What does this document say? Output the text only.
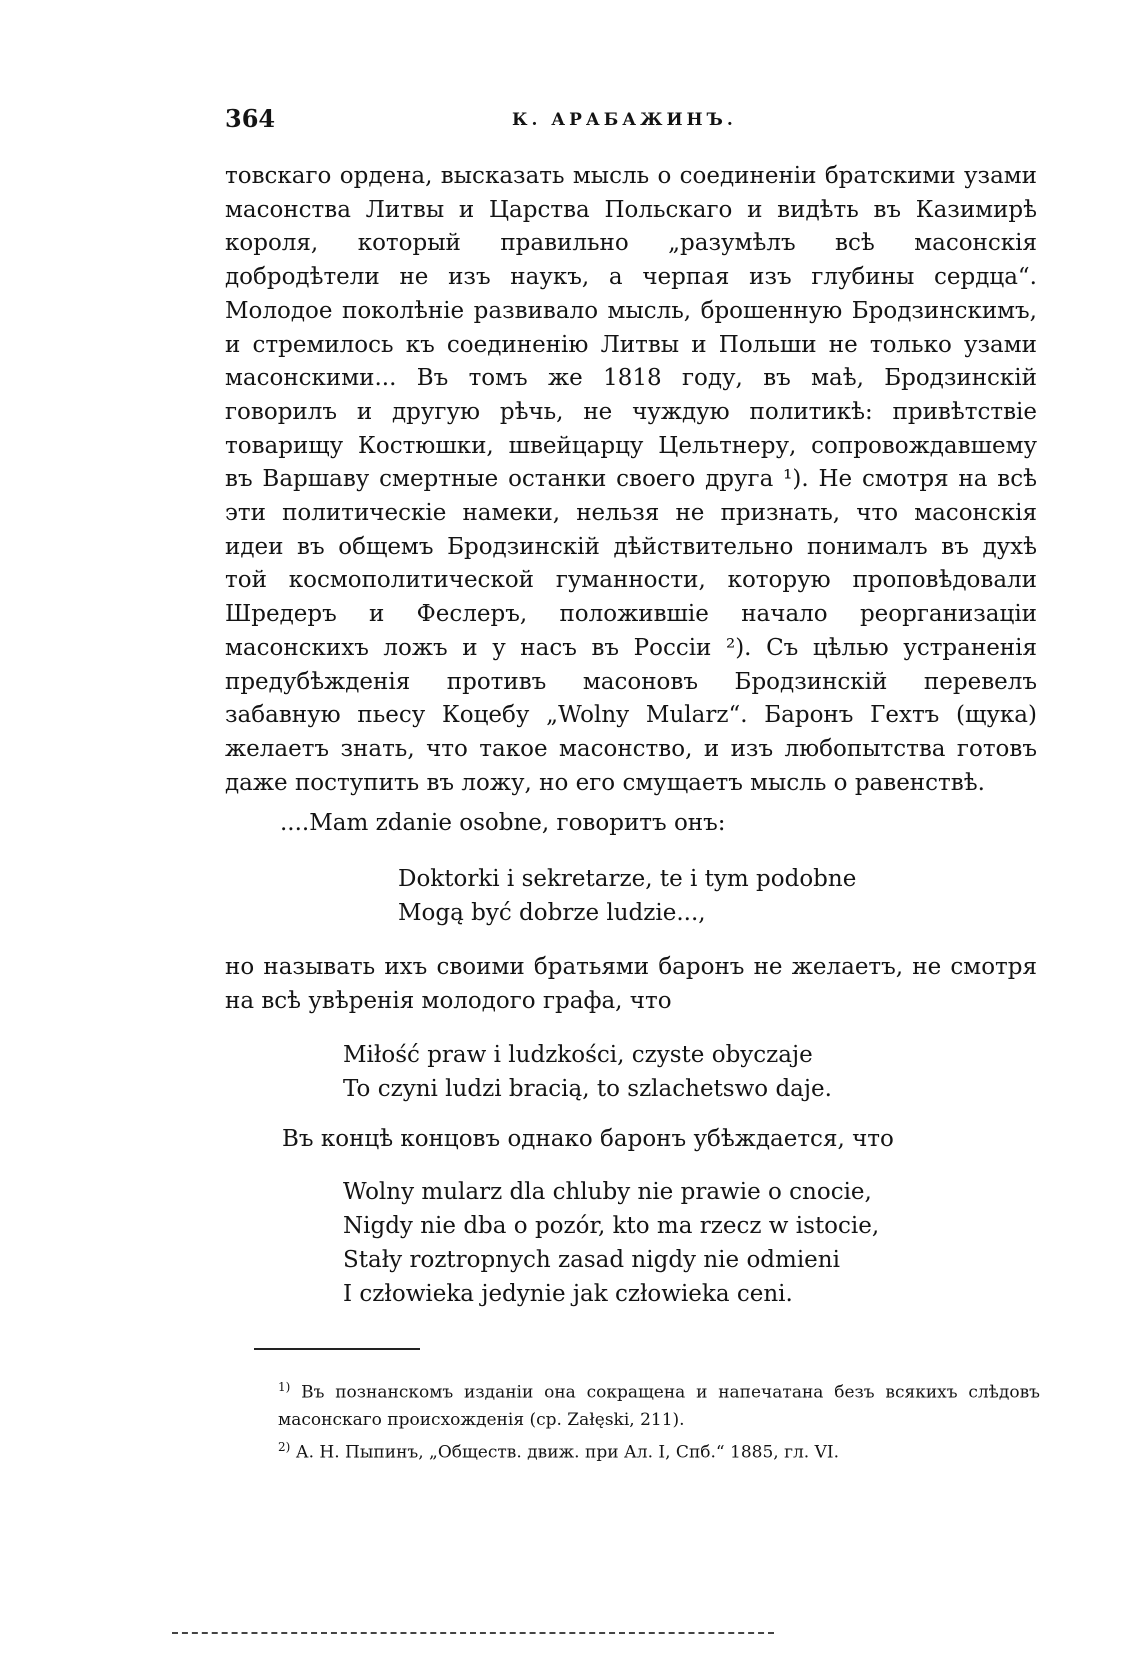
364	К. АРАБАЖИНЪ.

товскаго ордена, высказать мысль о соединеніи братскими узами масонства Литвы и Царства Польскаго и видѣть въ Казимирѣ короля, который правильно „разумѣлъ всѣ масонскія добродѣтели не изъ наукъ, а черпая изъ глубины сердца“. Молодое поколѣніе развивало мысль, брошенную Бродзинскимъ, и стремилось къ соединенію Литвы и Польши не только узами масонскими... Въ томъ же 1818 году, въ маѣ, Бродзинскій говорилъ и другую рѣчь, не чуждую политикѣ: привѣтствіе товарищу Костюшки, швейцарцу Цельтнеру, сопровождавшему въ Варшаву смертные останки своего друга ¹). Не смотря на всѣ эти политическіе намеки, нельзя не признать, что масонскія идеи въ общемъ Бродзинскій дѣйствительно понималъ въ духѣ той космополитической гуманности, которую проповѣдовали Шредеръ и Феслеръ, положившіе начало реорганизаціи масонскихъ ложъ и у насъ въ Россіи ²). Съ цѣлью устраненія предубѣжденія противъ масоновъ Бродзинскій перевелъ забавную пьесу Коцебу „Wolny Mularz“. Баронъ Гехтъ (щука) желаетъ знать, что такое масонство, и изъ любопытства готовъ даже поступить въ ложу, но его смущаетъ мысль о равенствѣ.

....Mam zdanie osobne, говоритъ онъ:

Doktorki i sekretarze, te i tym podobne
Mogą być dobrze ludzie...,

но называть ихъ своими братьями баронъ не желаетъ, не смотря на всѣ увѣренія молодого графа, что

Miłość praw i ludzkości, czyste obyczaje
To czyni ludzi bracią, to szlachetswo daje.

Въ концѣ концовъ однако баронъ убѣждается, что

Wolny mularz dla chluby nie prawie o cnocie,
Nigdy nie dba o pozór, kto ma rzecz w istocie,
Stały roztropnych zasad nigdy nie odmieni
I człowieka jedynie jak człowieka ceni.

$^{1)}$ Въ познанскомъ изданіи она сокращена и напечатана безъ всякихъ слѣдовъ масонскаго происхожденія (ср. Załęski, 211).

$^{2)}$ А. Н. Пыпинъ, „Обществ. движ. при Ал. I, Спб.“ 1885, гл. VI.
